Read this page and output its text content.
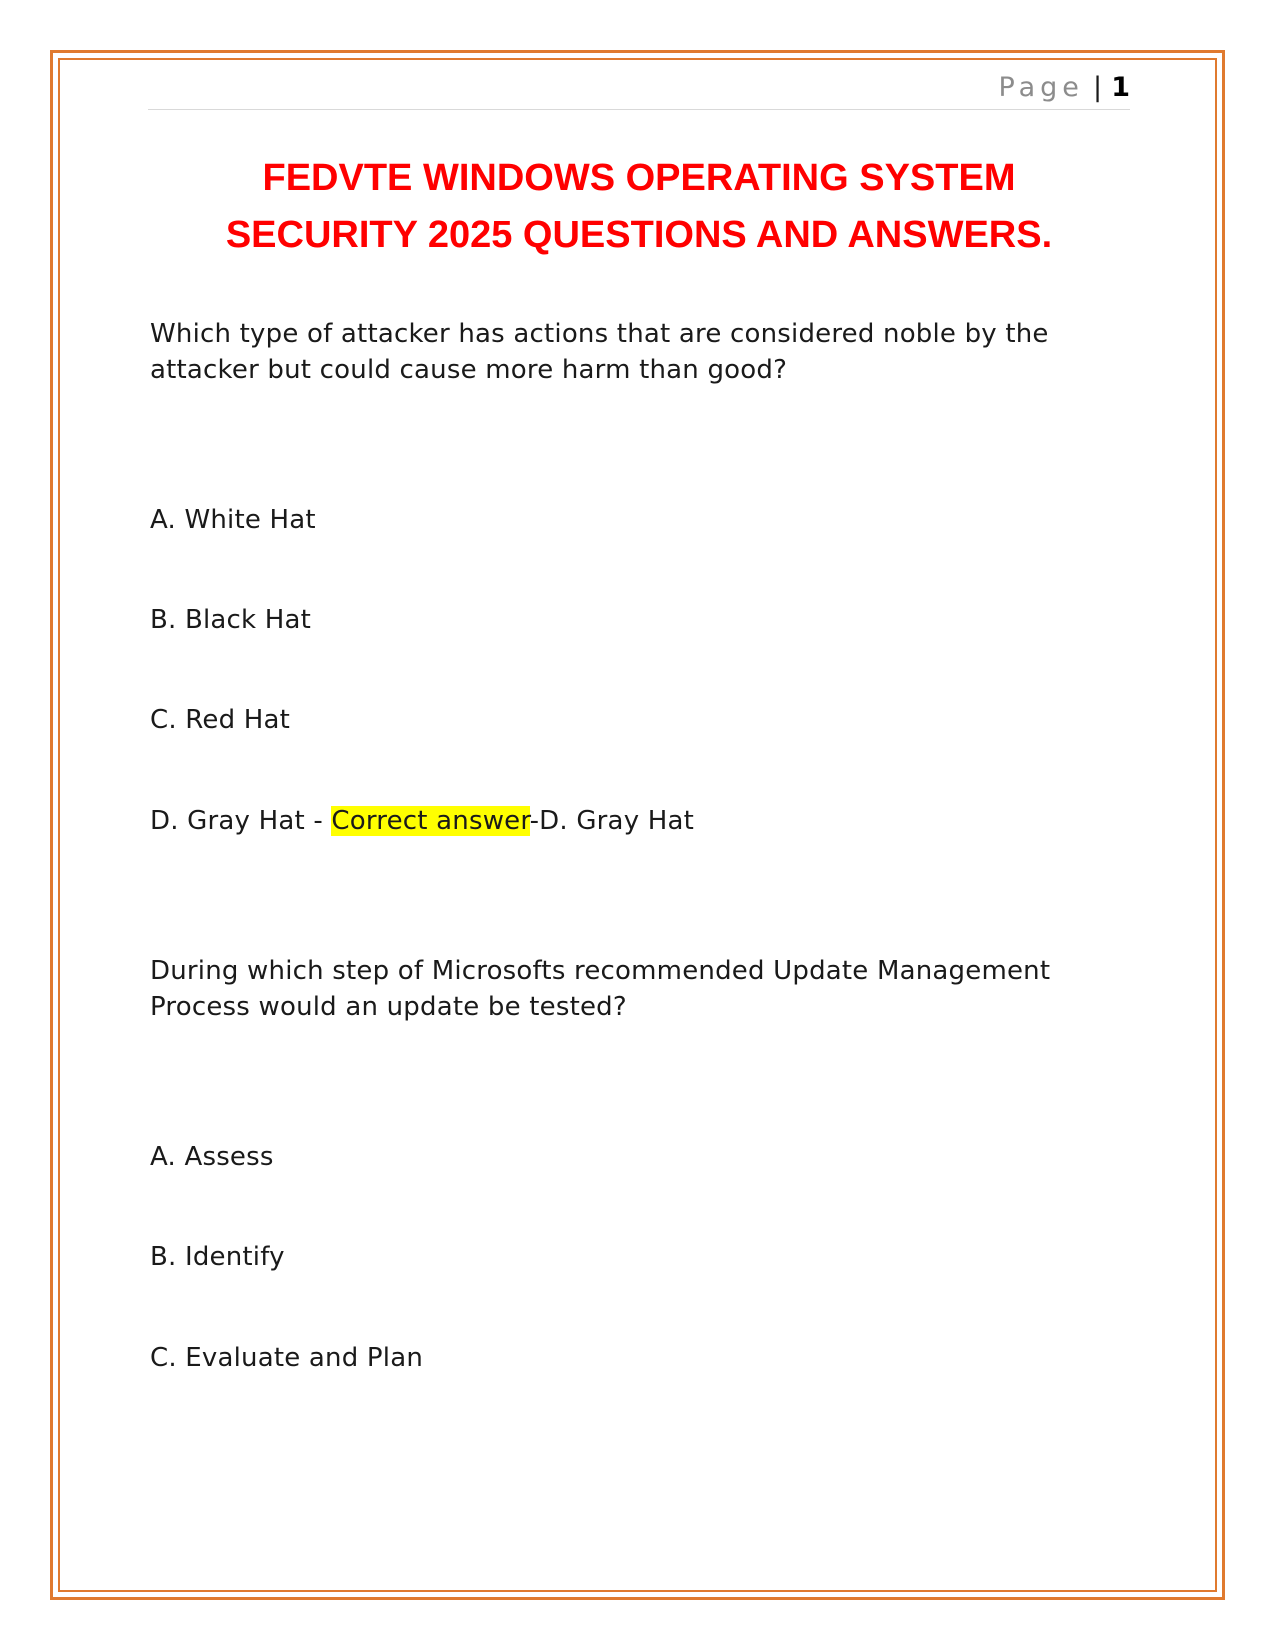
Page | 1
FEDVTE WINDOWS OPERATING SYSTEM
SECURITY 2025 QUESTIONS AND ANSWERS.

Which type of attacker has actions that are considered noble by the
attacker but could cause more harm than good?

A. White Hat

B. Black Hat

C. Red Hat

D. Gray Hat - Correct answer-D. Gray Hat

During which step of Microsofts recommended Update Management
Process would an update be tested?

A. Assess

B. Identify

C. Evaluate and Plan
